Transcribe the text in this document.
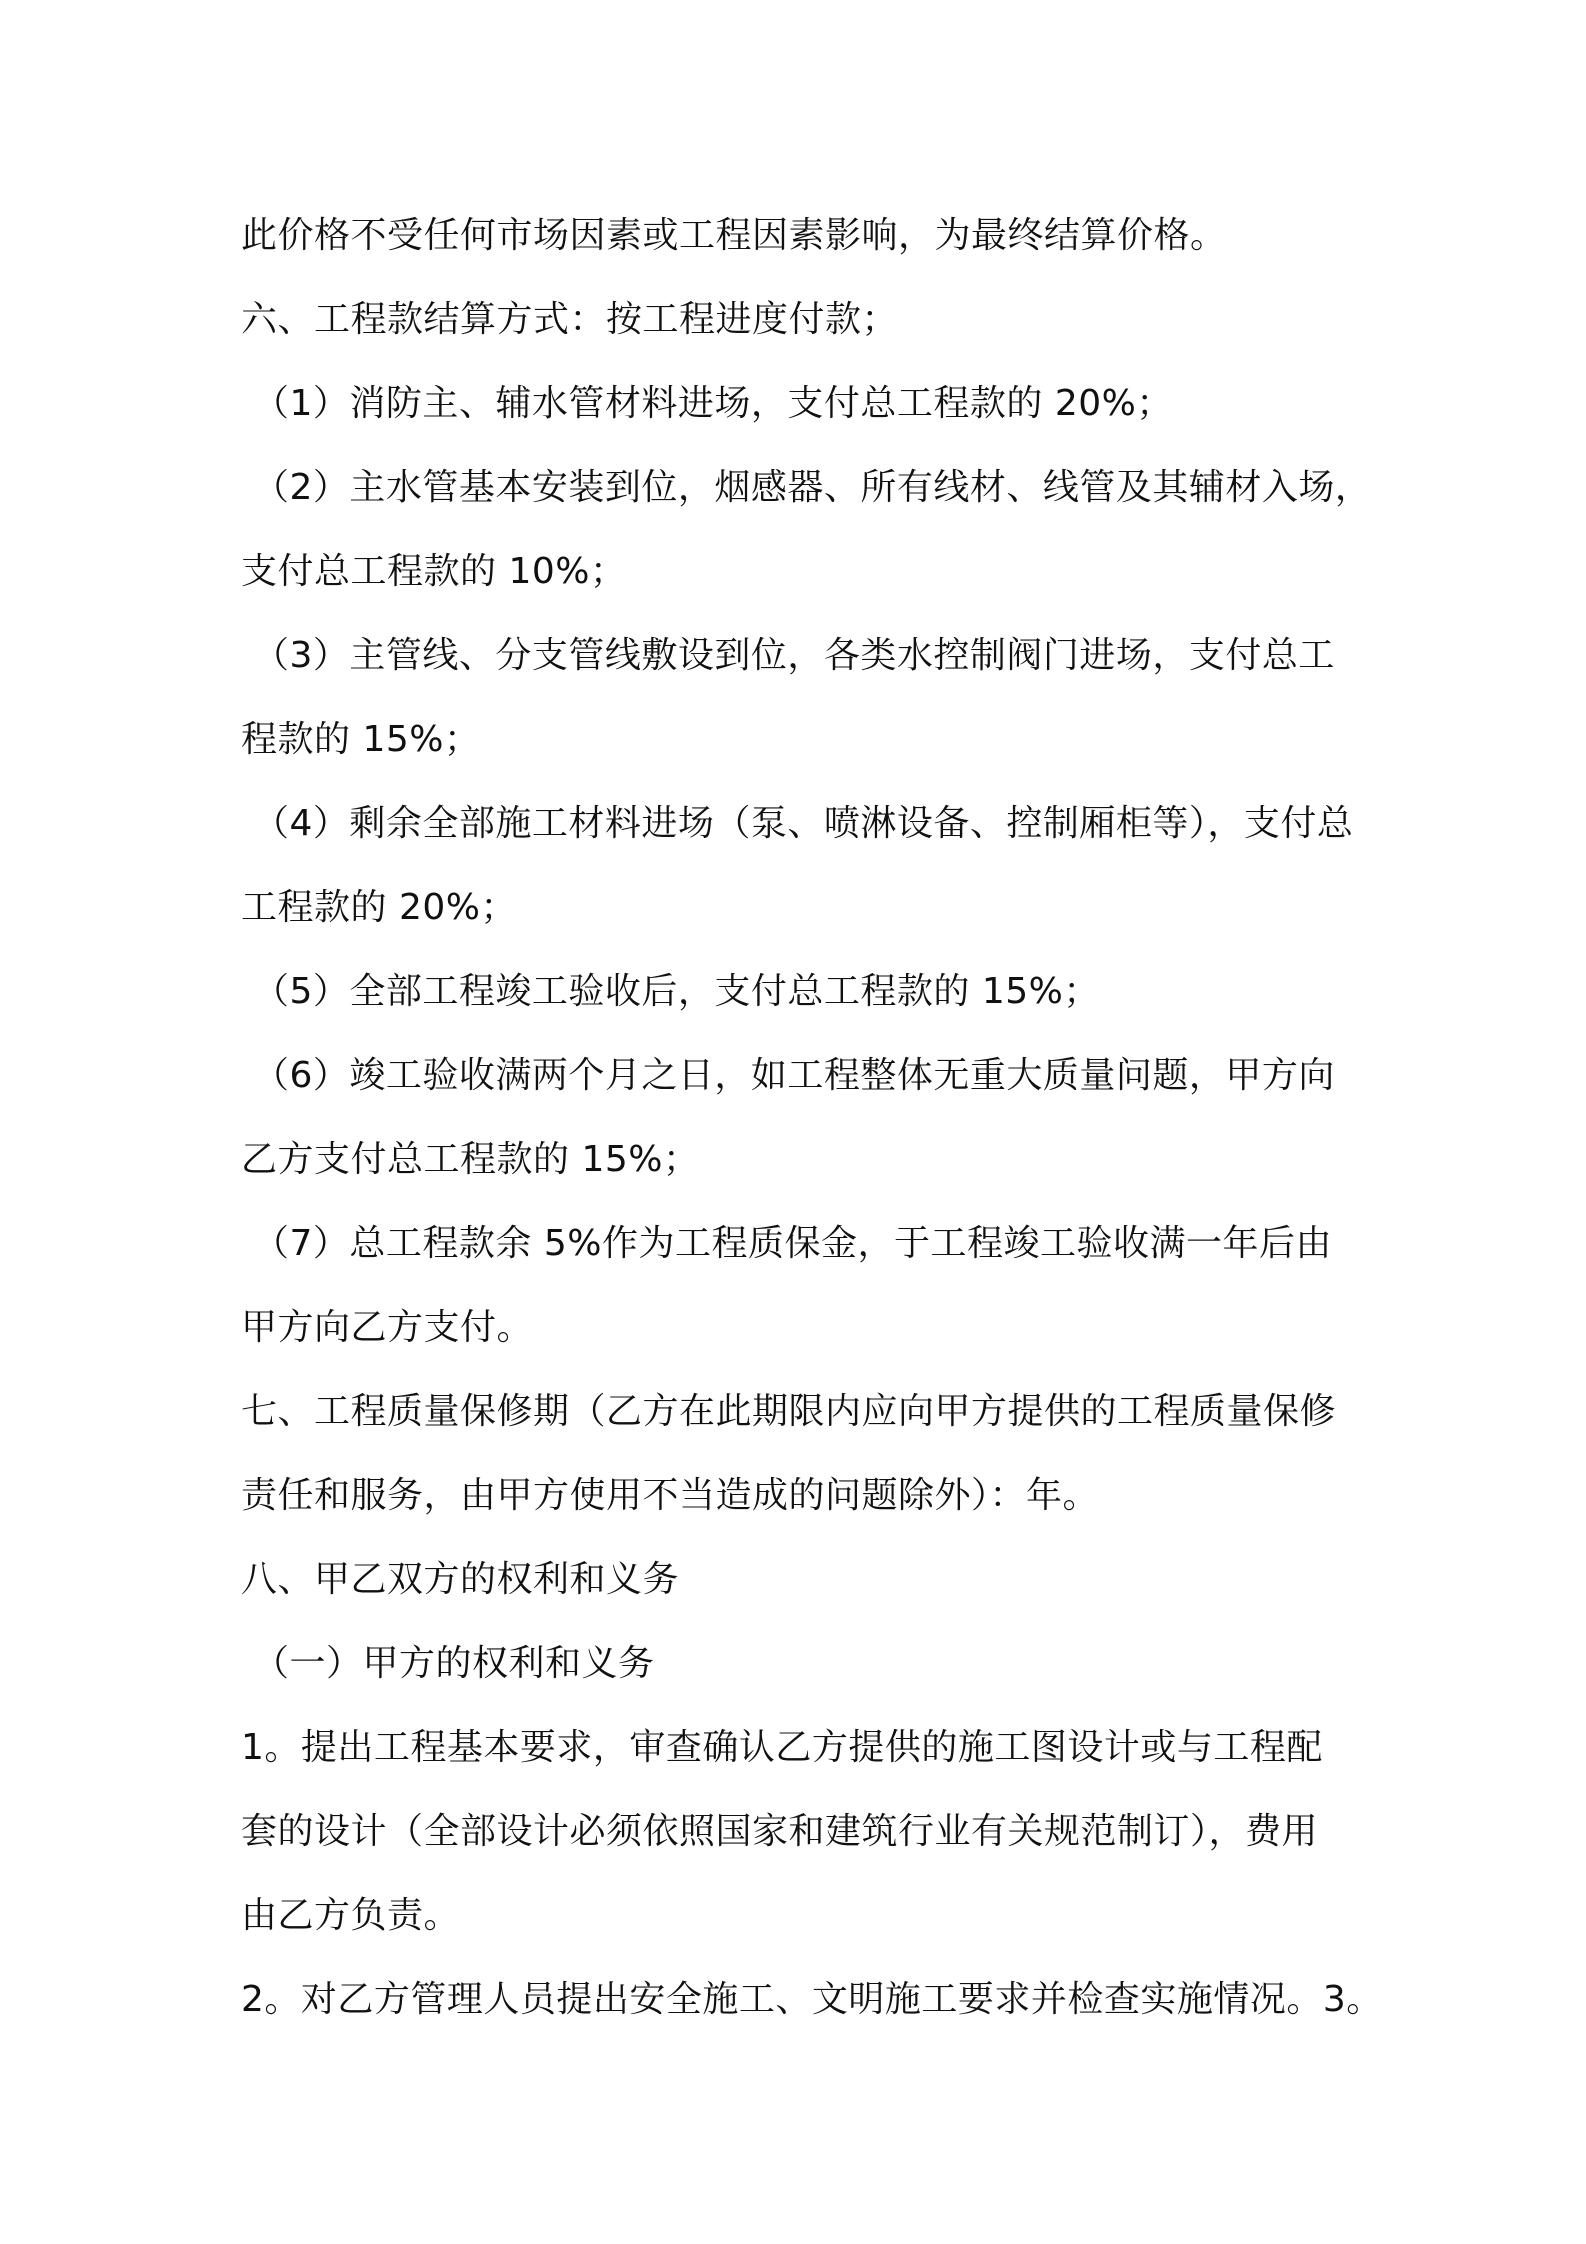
此价格不受任何市场因素或工程因素影响，为最终结算价格。
六、工程款结算方式：按工程进度付款；
（1）消防主、辅水管材料进场，支付总工程款的 20%；
（2）主水管基本安装到位，烟感器、所有线材、线管及其辅材入场，
支付总工程款的 10%；
（3）主管线、分支管线敷设到位，各类水控制阀门进场，支付总工
程款的 15%；
（4）剩余全部施工材料进场（泵、喷淋设备、控制厢柜等），支付总
工程款的 20%；
（5）全部工程竣工验收后，支付总工程款的 15%；
（6）竣工验收满两个月之日，如工程整体无重大质量问题，甲方向
乙方支付总工程款的 15%；
（7）总工程款余 5%作为工程质保金，于工程竣工验收满一年后由
甲方向乙方支付。
七、工程质量保修期（乙方在此期限内应向甲方提供的工程质量保修
责任和服务，由甲方使用不当造成的问题除外）：年。
八、甲乙双方的权利和义务
（一）甲方的权利和义务
1。提出工程基本要求，审查确认乙方提供的施工图设计或与工程配
套的设计（全部设计必须依照国家和建筑行业有关规范制订），费用
由乙方负责。
2。对乙方管理人员提出安全施工、文明施工要求并检查实施情况。3。
